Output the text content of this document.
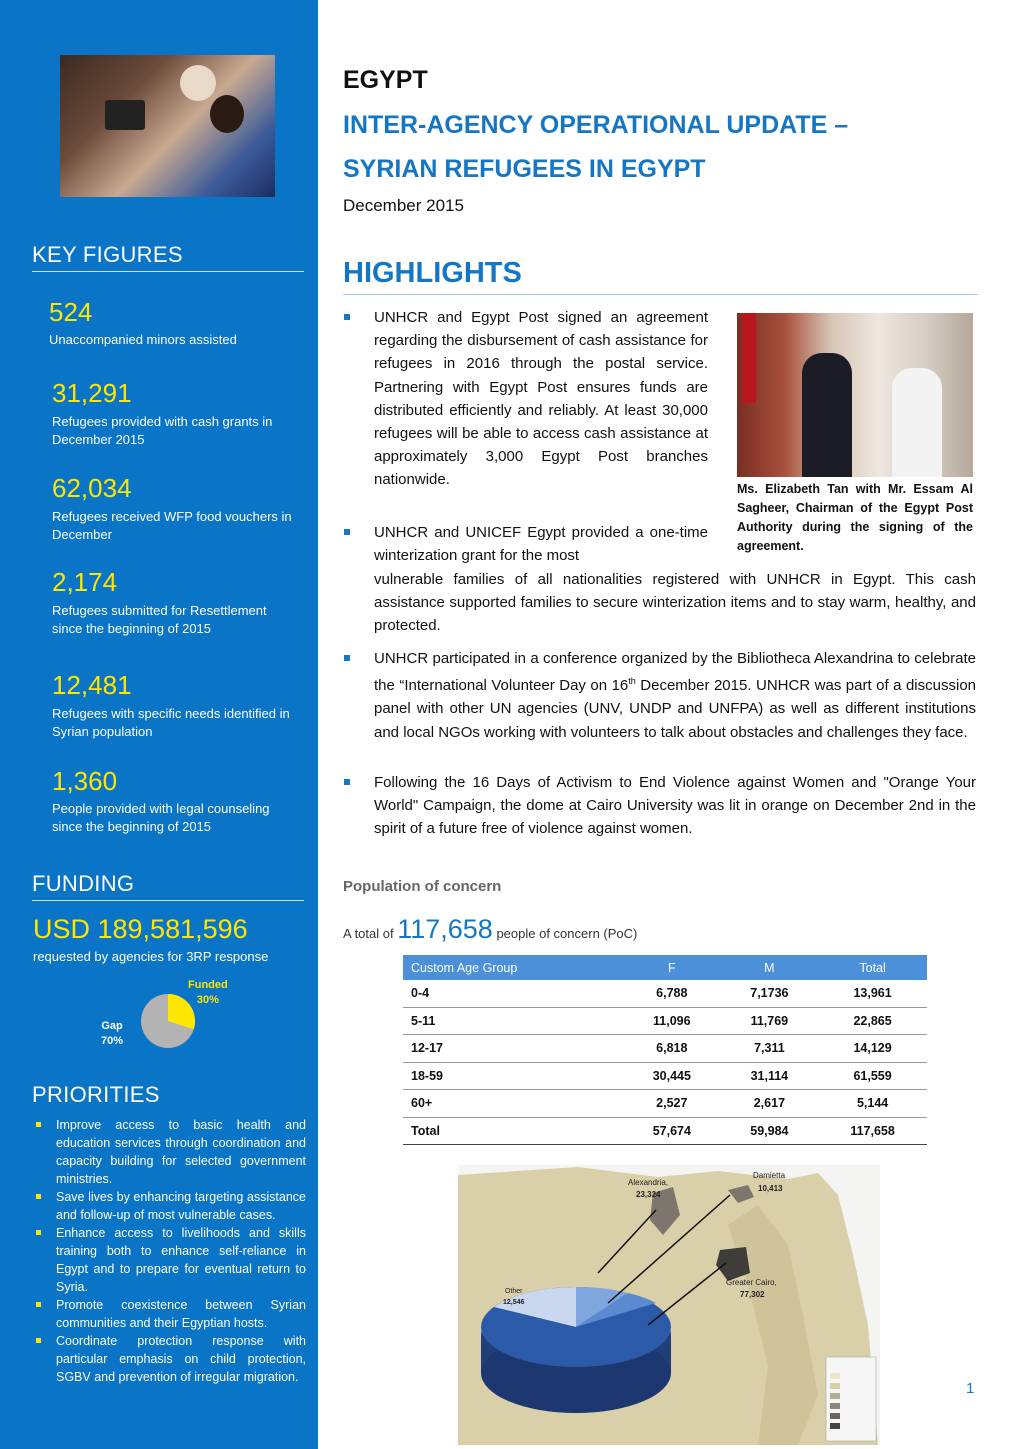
KEY FIGURES
524
Unaccompanied minors assisted
31,291
Refugees provided with cash grants in December 2015
62,034
Refugees received WFP food vouchers in December
2,174
Refugees submitted for Resettlement since the beginning of 2015
12,481
Refugees with specific needs identified in Syrian population
1,360
People provided with legal counseling since the beginning of 2015
FUNDING
USD 189,581,596
requested by agencies for 3RP response
Funded
30%
Gap
70%
PRIORITIES
Improve access to basic health and education services through coordination and capacity building for selected government ministries.
Save lives by enhancing targeting assistance and follow-up of most vulnerable cases.
Enhance access to livelihoods and skills training both to enhance self-reliance in Egypt and to prepare for eventual return to Syria.
Promote coexistence between Syrian communities and their Egyptian hosts.
Coordinate protection response with particular emphasis on child protection, SGBV and prevention of irregular migration.
EGYPT
INTER-AGENCY OPERATIONAL UPDATE –
SYRIAN REFUGEES IN EGYPT
December 2015
HIGHLIGHTS
UNHCR and Egypt Post signed an agreement regarding the disbursement of cash assistance for refugees in 2016 through the postal service. Partnering with Egypt Post ensures funds are distributed efficiently and reliably. At least 30,000 refugees will be able to access cash assistance at approximately 3,000 Egypt Post branches nationwide.
Ms. Elizabeth Tan with Mr. Essam Al Sagheer, Chairman of the Egypt Post Authority during the signing of the agreement.
UNHCR and UNICEF Egypt provided a one-time winterization grant for the most
vulnerable families of all nationalities registered with UNHCR in Egypt. This cash assistance supported families to secure winterization items and to stay warm, healthy, and protected.
UNHCR participated in a conference organized by the Bibliotheca Alexandrina to celebrate the “International Volunteer Day on 16th December 2015. UNHCR was part of a discussion panel with other UN agencies (UNV, UNDP and UNFPA) as well as different institutions and local NGOs working with volunteers to talk about obstacles and challenges they face.
Following the 16 Days of Activism to End Violence against Women and "Orange Your World" Campaign, the dome at Cairo University was lit in orange on December 2nd in the spirit of a future free of violence against women.
Population of concern
A total of 117,658 people of concern (PoC)
Custom Age Group	F	M	Total
0-4	6,788	7,1736	13,961
5-11	11,096	11,769	22,865
12-17	6,818	7,311	14,129
18-59	30,445	31,114	61,559
60+	2,527	2,617	5,144
Total	57,674	59,984	117,658
Alexandria,
23,324
Damietta
10,413
Other
12,546
Greater Cairo,
77,302
1
